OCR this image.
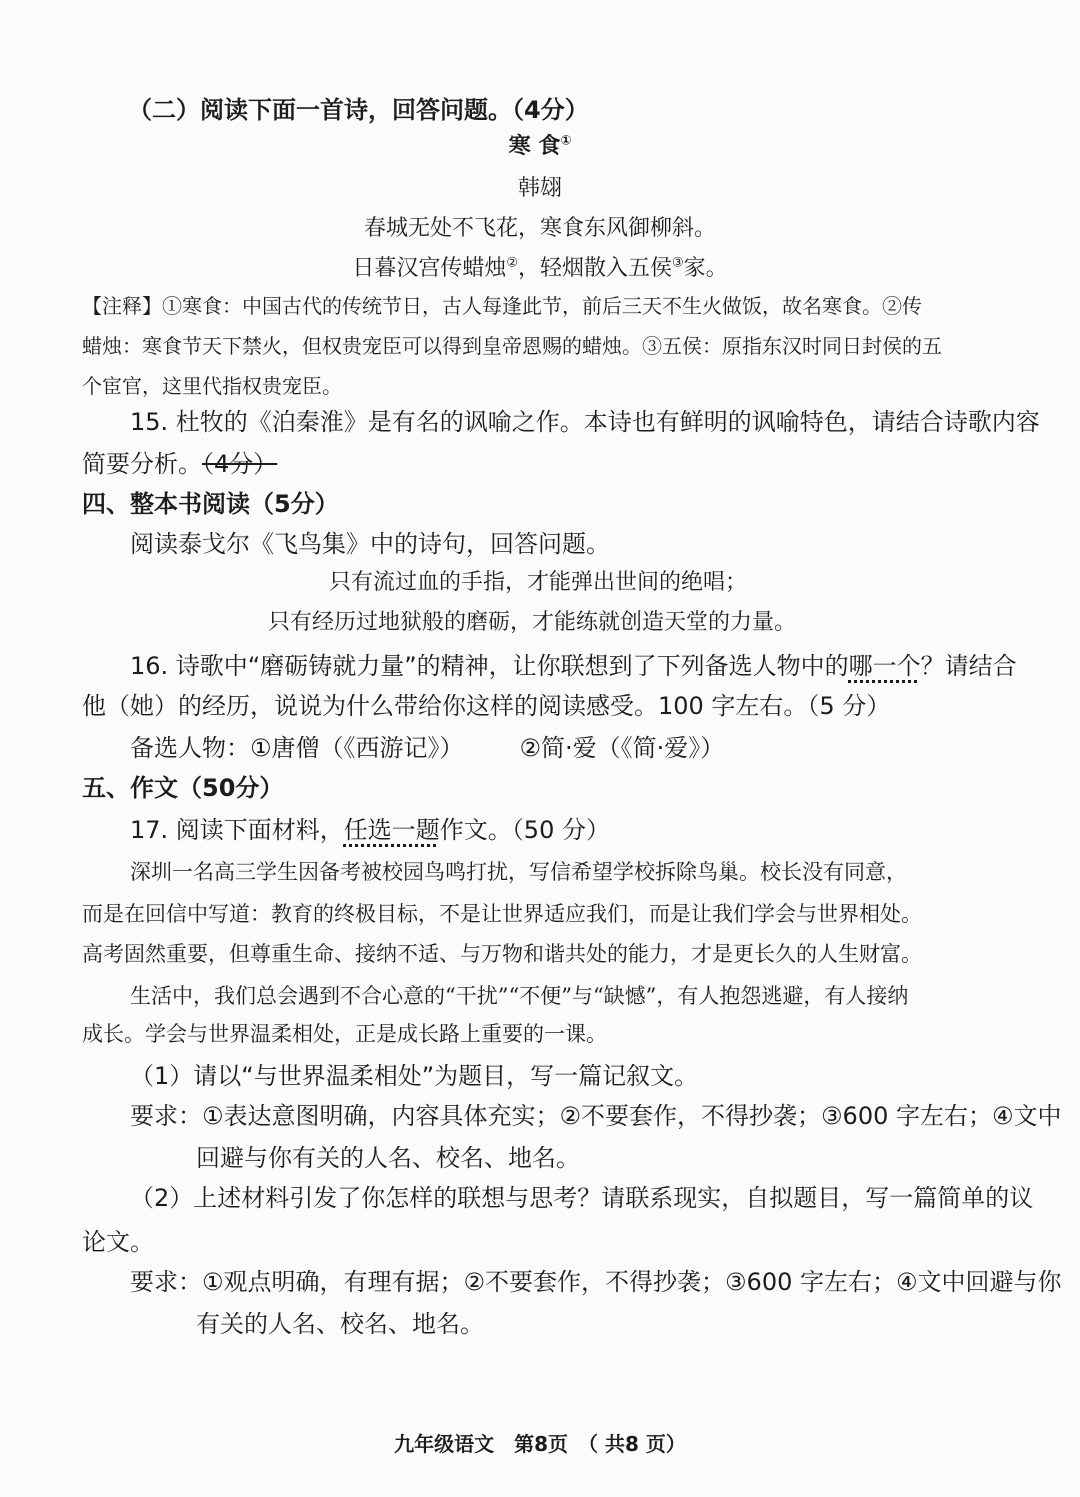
（二）阅读下面一首诗，回答问题。（4分）
寒 食①
韩翃
春城无处不飞花，寒食东风御柳斜。
日暮汉宫传蜡烛②，轻烟散入五侯③家。
【注释】①寒食：中国古代的传统节日，古人每逢此节，前后三天不生火做饭，故名寒食。②传
蜡烛：寒食节天下禁火，但权贵宠臣可以得到皇帝恩赐的蜡烛。③五侯：原指东汉时同日封侯的五
个宦官，这里代指权贵宠臣。
15. 杜牧的《泊秦淮》是有名的讽喻之作。本诗也有鲜明的讽喻特色，请结合诗歌内容
简要分析。（4分）
四、整本书阅读（5分）
阅读泰戈尔《飞鸟集》中的诗句，回答问题。
只有流过血的手指，才能弹出世间的绝唱；
只有经历过地狱般的磨砺，才能练就创造天堂的力量。
16. 诗歌中“磨砺铸就力量”的精神，让你联想到了下列备选人物中的哪一个？请结合
他（她）的经历，说说为什么带给你这样的阅读感受。100 字左右。（5 分）
备选人物：①唐僧（《西游记》） ②简·爱（《简·爱》）
五、作文（50分）
17. 阅读下面材料，任选一题作文。（50 分）
深圳一名高三学生因备考被校园鸟鸣打扰，写信希望学校拆除鸟巢。校长没有同意，
而是在回信中写道：教育的终极目标，不是让世界适应我们，而是让我们学会与世界相处。
高考固然重要，但尊重生命、接纳不适、与万物和谐共处的能力，才是更长久的人生财富。
生活中，我们总会遇到不合心意的“干扰”“不便”与“缺憾”，有人抱怨逃避，有人接纳
成长。学会与世界温柔相处，正是成长路上重要的一课。
（1）请以“与世界温柔相处”为题目，写一篇记叙文。
要求：①表达意图明确，内容具体充实；②不要套作，不得抄袭；③600 字左右；④文中
回避与你有关的人名、校名、地名。
（2）上述材料引发了你怎样的联想与思考？请联系现实，自拟题目，写一篇简单的议
论文。
要求：①观点明确，有理有据；②不要套作，不得抄袭；③600 字左右；④文中回避与你
有关的人名、校名、地名。
九年级语文　第8页　（ 共8 页）
